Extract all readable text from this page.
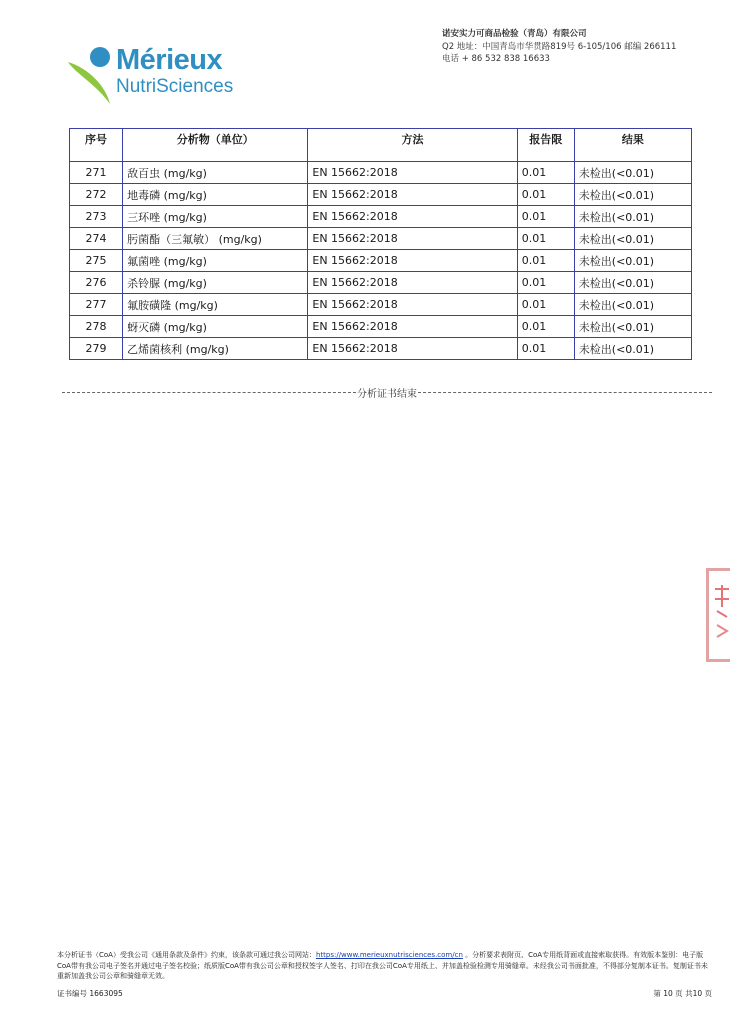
Mérieux
NutriSciences
诺安实力可商品检验（青岛）有限公司
Q2 地址：中国青岛市华贯路819号 6-105/106 邮编 266111
电话 + 86 532 838 16633
序号	分析物（单位）	方法	报告限	结果
271	敌百虫 (mg/kg)	EN 15662:2018	0.01	未检出(<0.01)
272	地毒磷 (mg/kg)	EN 15662:2018	0.01	未检出(<0.01)
273	三环唑 (mg/kg)	EN 15662:2018	0.01	未检出(<0.01)
274	肟菌酯（三氟敏） (mg/kg)	EN 15662:2018	0.01	未检出(<0.01)
275	氟菌唑 (mg/kg)	EN 15662:2018	0.01	未检出(<0.01)
276	杀铃脲 (mg/kg)	EN 15662:2018	0.01	未检出(<0.01)
277	氟胺磺隆 (mg/kg)	EN 15662:2018	0.01	未检出(<0.01)
278	蚜灭磷 (mg/kg)	EN 15662:2018	0.01	未检出(<0.01)
279	乙烯菌核利 (mg/kg)	EN 15662:2018	0.01	未检出(<0.01)
分析证书结束
本分析证书（CoA）受我公司《通用条款及条件》约束，该条款可通过我公司网站：https://www.merieuxnutrisciences.com/cn 。分析要求表附页、CoA专用纸背面或直接索取获得。有效版本鉴别：电子版CoA带有我公司电子签名并通过电子签名校验；纸质版CoA带有我公司公章和授权签字人签名、打印在我公司CoA专用纸上、并加盖检验检测专用骑缝章。未经我公司书面批准，不得部分复制本证书。复制证书未重新加盖我公司公章和骑缝章无效。
证书编号 1663095	第 10 页 共10 页
